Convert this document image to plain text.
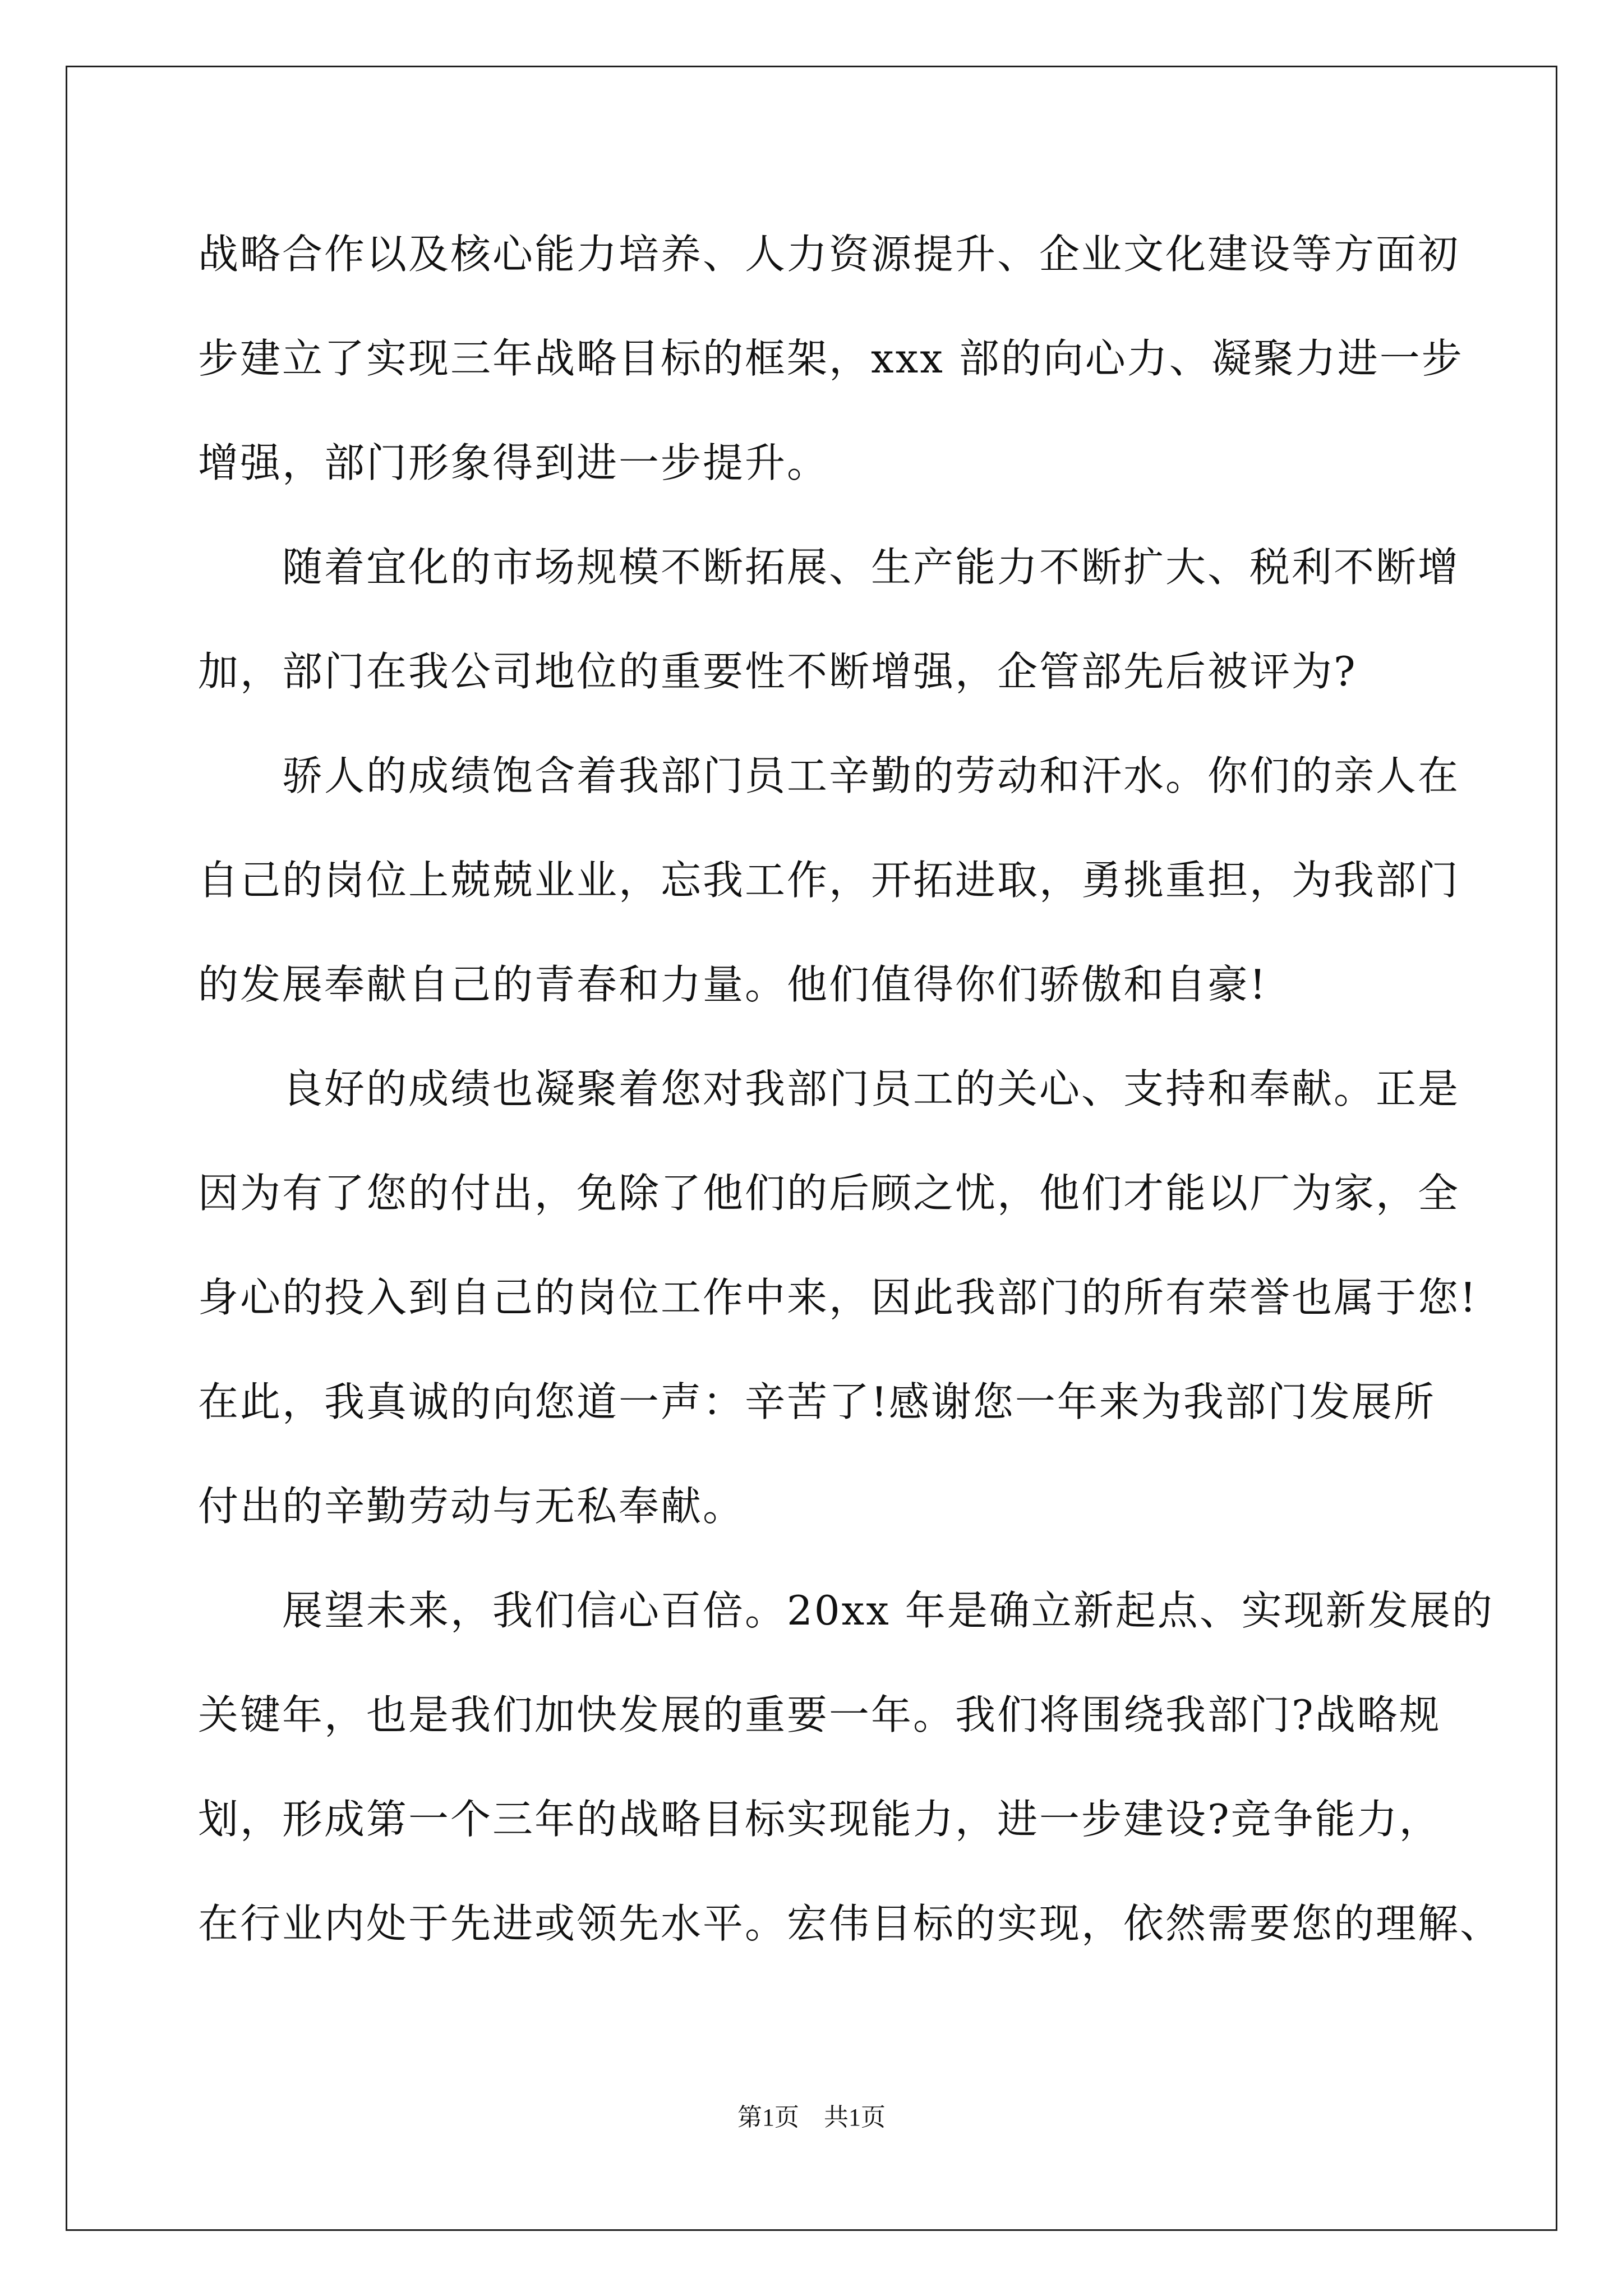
战略合作以及核心能力培养、人力资源提升、企业文化建设等方面初
步建立了实现三年战略目标的框架，xxx 部的向心力、凝聚力进一步
增强，部门形象得到进一步提升。
随着宜化的市场规模不断拓展、生产能力不断扩大、税利不断增
加，部门在我公司地位的重要性不断增强，企管部先后被评为?
骄人的成绩饱含着我部门员工辛勤的劳动和汗水。你们的亲人在
自己的岗位上兢兢业业，忘我工作，开拓进取，勇挑重担，为我部门
的发展奉献自己的青春和力量。他们值得你们骄傲和自豪!
良好的成绩也凝聚着您对我部门员工的关心、支持和奉献。正是
因为有了您的付出，免除了他们的后顾之忧，他们才能以厂为家，全
身心的投入到自己的岗位工作中来，因此我部门的所有荣誉也属于您!
在此，我真诚的向您道一声：辛苦了!感谢您一年来为我部门发展所
付出的辛勤劳动与无私奉献。
展望未来，我们信心百倍。20xx 年是确立新起点、实现新发展的
关键年，也是我们加快发展的重要一年。我们将围绕我部门?战略规
划，形成第一个三年的战略目标实现能力，进一步建设?竞争能力，
在行业内处于先进或领先水平。宏伟目标的实现，依然需要您的理解、
第1页　共1页
